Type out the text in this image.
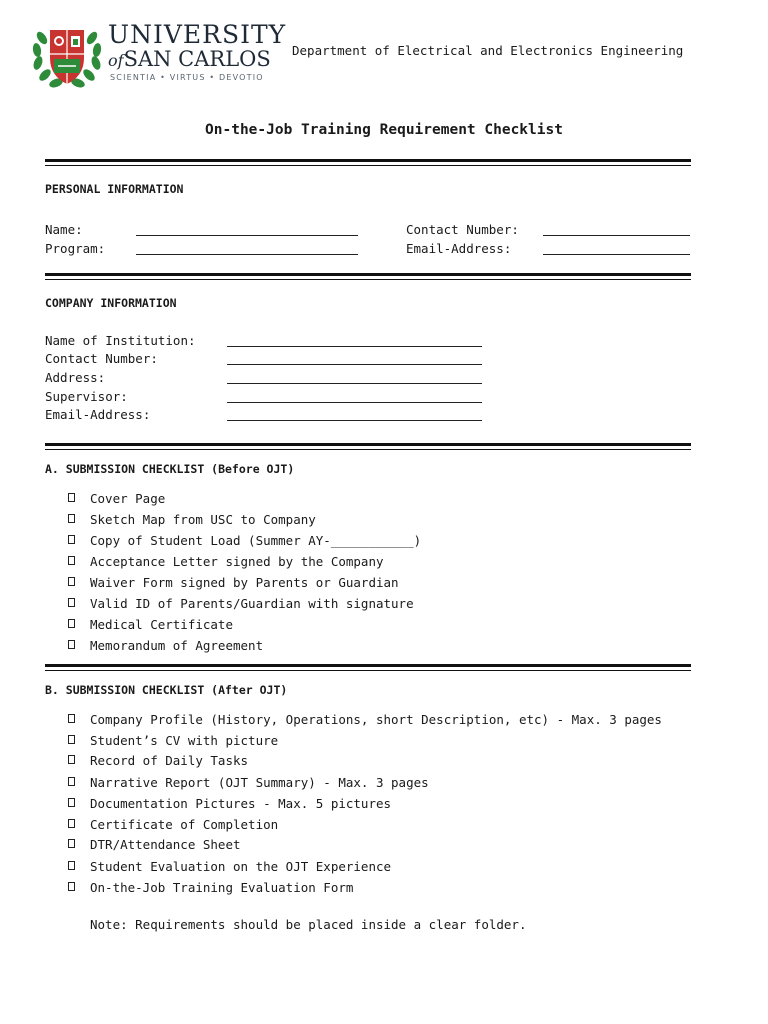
UNIVERSITY
ofSAN CARLOS
SCIENTIA • VIRTUS • DEVOTIO
Department of Electrical and Electronics Engineering
On-the-Job Training Requirement Checklist
PERSONAL INFORMATION
Name:
Program:
Contact Number:
Email-Address:
COMPANY INFORMATION
Name of Institution:
Contact Number:
Address:
Supervisor:
Email-Address:
A. SUBMISSION CHECKLIST (Before OJT)
Cover Page
Sketch Map from USC to Company
Copy of Student Load (Summer AY-___________)
Acceptance Letter signed by the Company
Waiver Form signed by Parents or Guardian
Valid ID of Parents/Guardian with signature
Medical Certificate
Memorandum of Agreement
B. SUBMISSION CHECKLIST (After OJT)
Company Profile (History, Operations, short Description, etc) - Max. 3 pages
Student’s CV with picture
Record of Daily Tasks
Narrative Report (OJT Summary) - Max. 3 pages
Documentation Pictures - Max. 5 pictures
Certificate of Completion
DTR/Attendance Sheet
Student Evaluation on the OJT Experience
On-the-Job Training Evaluation Form
Note: Requirements should be placed inside a clear folder.
